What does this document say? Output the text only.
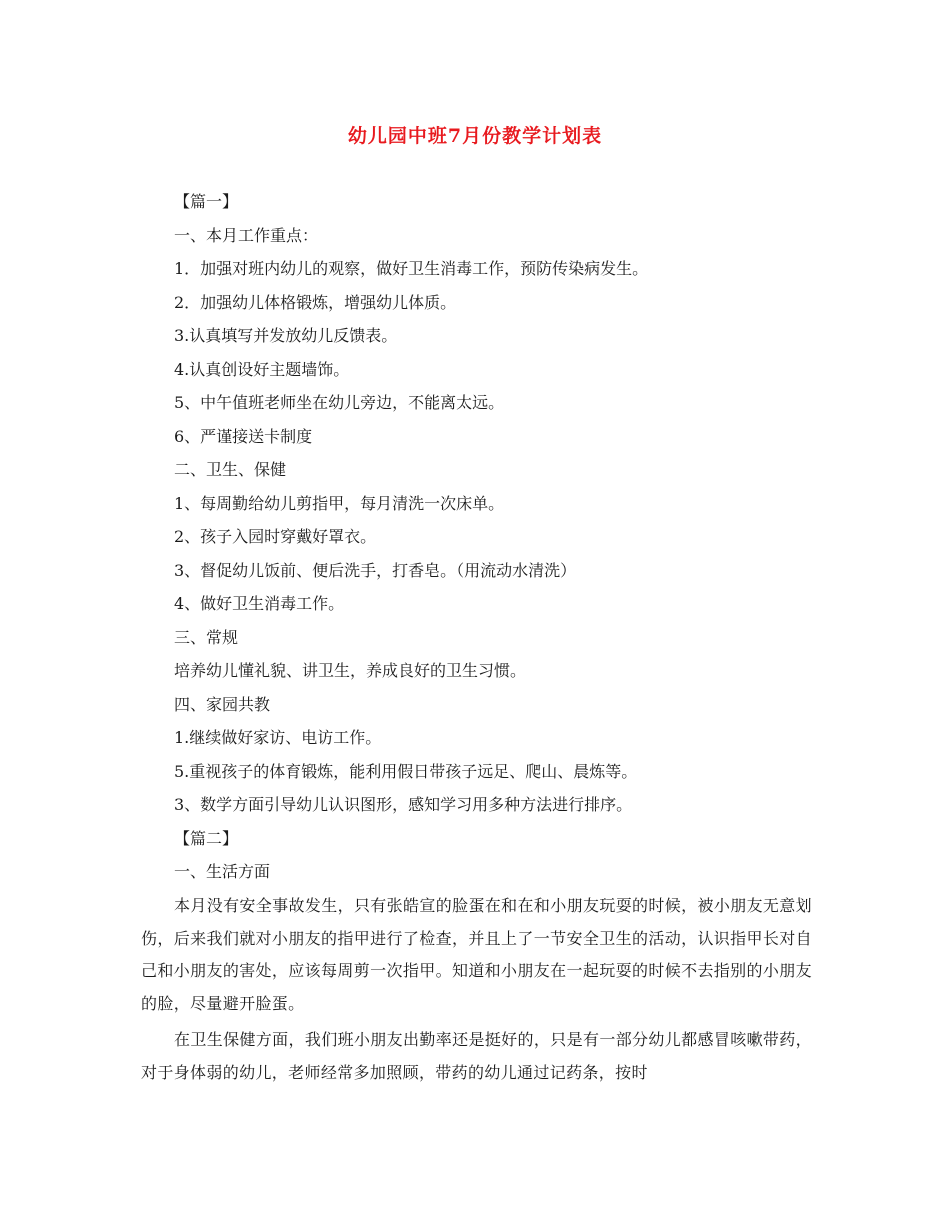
幼儿园中班7月份教学计划表
【篇一】
一、本月工作重点：
1．加强对班内幼儿的观察，做好卫生消毒工作，预防传染病发生。
2．加强幼儿体格锻炼，增强幼儿体质。
3.认真填写并发放幼儿反馈表。
4.认真创设好主题墙饰。
5、中午值班老师坐在幼儿旁边，不能离太远。
6、严谨接送卡制度
二、卫生、保健
1、每周勤给幼儿剪指甲，每月清洗一次床单。
2、孩子入园时穿戴好罩衣。
3、督促幼儿饭前、便后洗手，打香皂。（用流动水清洗）
4、做好卫生消毒工作。
三、常规
培养幼儿懂礼貌、讲卫生，养成良好的卫生习惯。
四、家园共教
1.继续做好家访、电访工作。
5.重视孩子的体育锻炼，能利用假日带孩子远足、爬山、晨炼等。
3、数学方面引导幼儿认识图形，感知学习用多种方法进行排序。
【篇二】
一、生活方面
本月没有安全事故发生，只有张皓宣的脸蛋在和在和小朋友玩耍的时候，被小朋友无意划伤，后来我们就对小朋友的指甲进行了检查，并且上了一节安全卫生的活动，认识指甲长对自己和小朋友的害处，应该每周剪一次指甲。知道和小朋友在一起玩耍的时候不去指别的小朋友的脸，尽量避开脸蛋。
在卫生保健方面，我们班小朋友出勤率还是挺好的，只是有一部分幼儿都感冒咳嗽带药，对于身体弱的幼儿，老师经常多加照顾，带药的幼儿通过记药条，按时
